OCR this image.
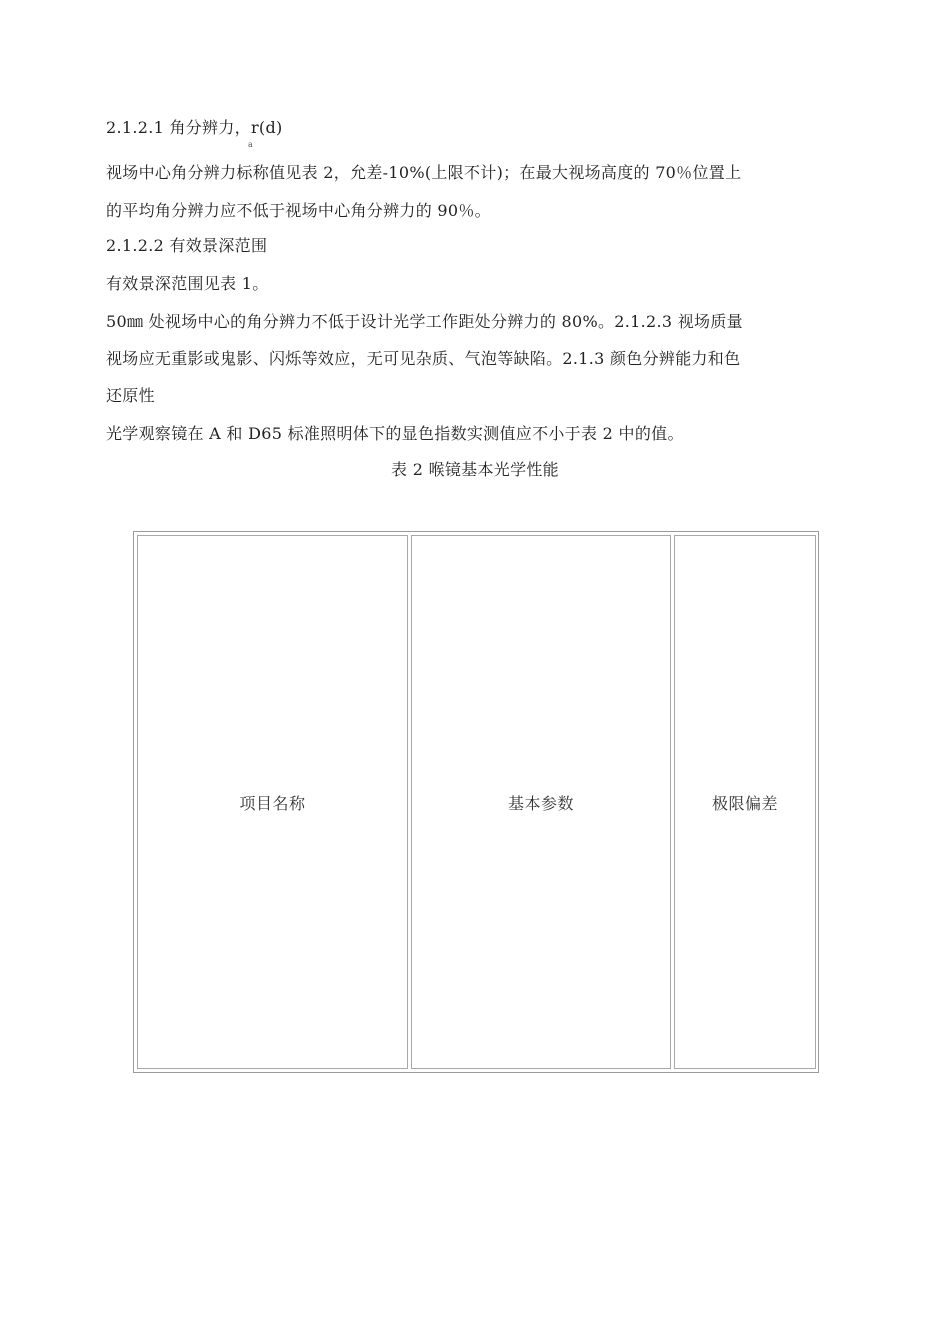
2.1.2.1 角分辨力，r(d)
a
视场中心角分辨力标称值见表 2，允差-10%(上限不计)；在最大视场高度的 70％位置上
的平均角分辨力应不低于视场中心角分辨力的 90％。
2.1.2.2 有效景深范围
有效景深范围见表 1。
50㎜ 处视场中心的角分辨力不低于设计光学工作距处分辨力的 80%。2.1.2.3 视场质量
视场应无重影或鬼影、闪烁等效应，无可见杂质、气泡等缺陷。2.1.3 颜色分辨能力和色
还原性
光学观察镜在 A 和 D65 标准照明体下的显色指数实测值应不小于表 2 中的值。
表 2 喉镜基本光学性能
项目名称	基本参数	极限偏差
